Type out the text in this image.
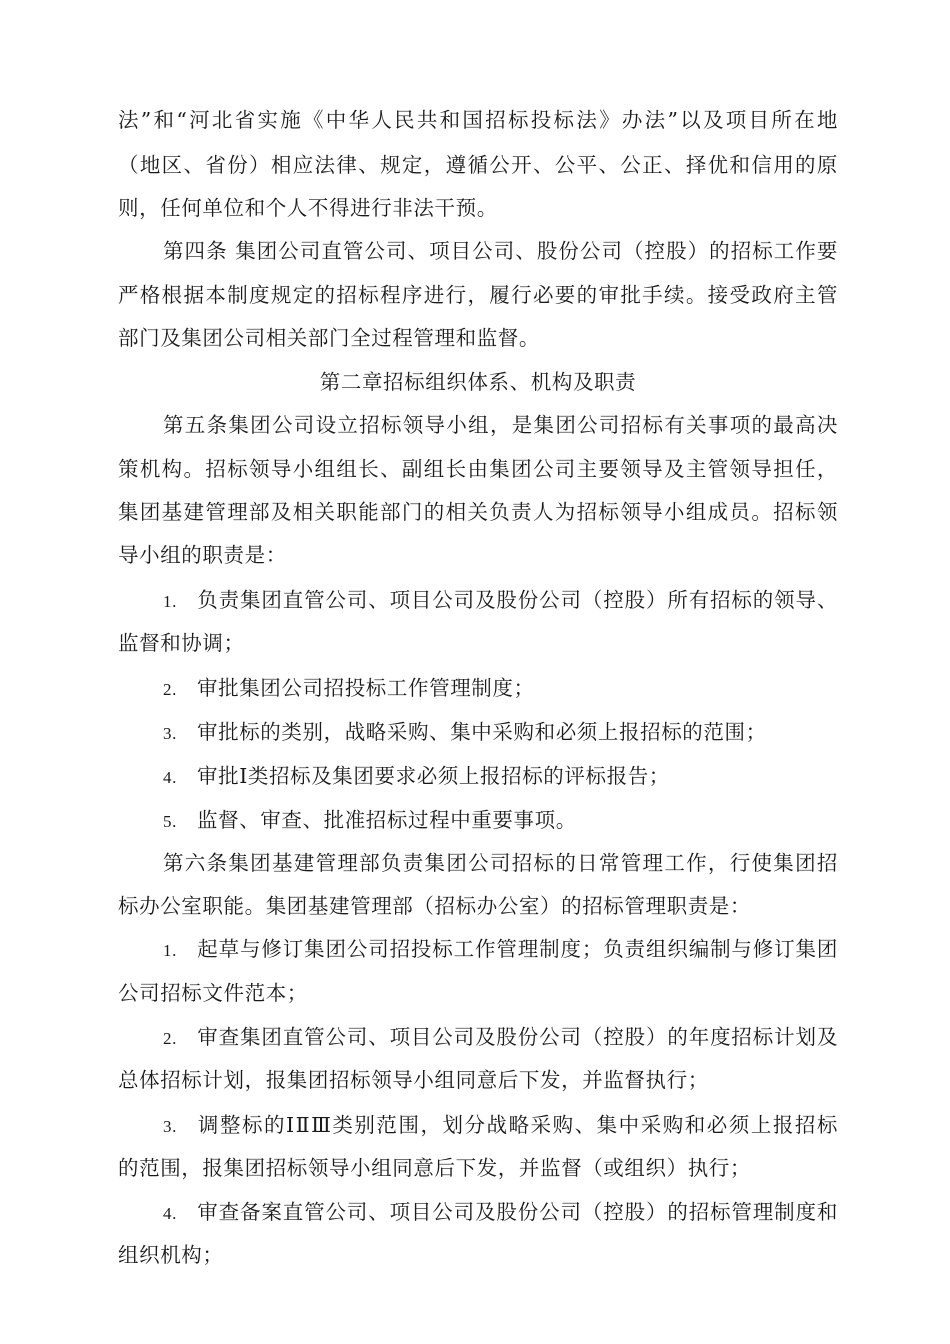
法”和“河北省实施《中华人民共和国招标投标法》办法”以及项目所在地
（地区、省份）相应法律、规定，遵循公开、公平、公正、择优和信用的原
则，任何单位和个人不得进行非法干预。
第四条 集团公司直管公司、项目公司、股份公司（控股）的招标工作要
严格根据本制度规定的招标程序进行，履行必要的审批手续。接受政府主管
部门及集团公司相关部门全过程管理和监督。
第二章招标组织体系、机构及职责
第五条集团公司设立招标领导小组，是集团公司招标有关事项的最高决
策机构。招标领导小组组长、副组长由集团公司主要领导及主管领导担任，
集团基建管理部及相关职能部门的相关负责人为招标领导小组成员。招标领
导小组的职责是：
1. 负责集团直管公司、项目公司及股份公司（控股）所有招标的领导、
监督和协调；
2. 审批集团公司招投标工作管理制度；
3. 审批标的类别，战略采购、集中采购和必须上报招标的范围；
4. 审批Ⅰ类招标及集团要求必须上报招标的评标报告；
5. 监督、审查、批准招标过程中重要事项。
第六条集团基建管理部负责集团公司招标的日常管理工作，行使集团招
标办公室职能。集团基建管理部（招标办公室）的招标管理职责是：
1. 起草与修订集团公司招投标工作管理制度；负责组织编制与修订集团
公司招标文件范本；
2. 审查集团直管公司、项目公司及股份公司（控股）的年度招标计划及
总体招标计划，报集团招标领导小组同意后下发，并监督执行；
3. 调整标的ⅠⅡⅢ类别范围，划分战略采购、集中采购和必须上报招标
的范围，报集团招标领导小组同意后下发，并监督（或组织）执行；
4. 审查备案直管公司、项目公司及股份公司（控股）的招标管理制度和
组织机构；
